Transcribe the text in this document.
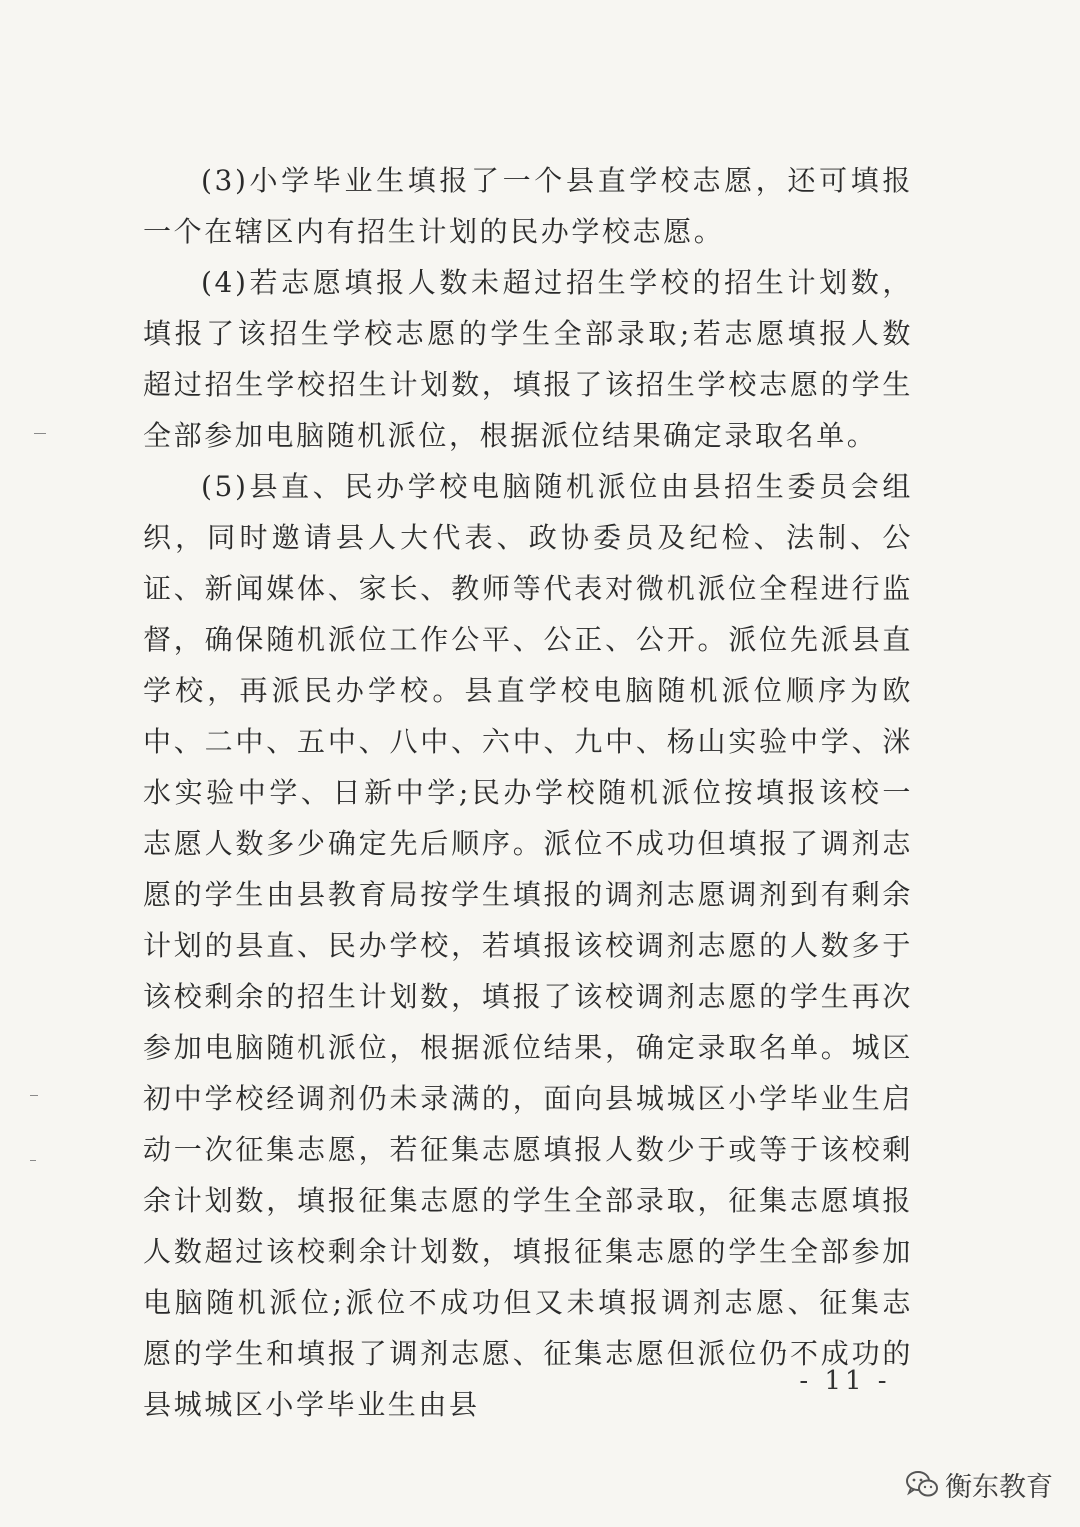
(3)小学毕业生填报了一个县直学校志愿，还可填报一个在辖区内有招生计划的民办学校志愿。

(4)若志愿填报人数未超过招生学校的招生计划数，填报了该招生学校志愿的学生全部录取;若志愿填报人数超过招生学校招生计划数，填报了该招生学校志愿的学生全部参加电脑随机派位，根据派位结果确定录取名单。

(5)县直、民办学校电脑随机派位由县招生委员会组织，同时邀请县人大代表、政协委员及纪检、法制、公证、新闻媒体、家长、教师等代表对微机派位全程进行监督，确保随机派位工作公平、公正、公开。派位先派县直学校，再派民办学校。县直学校电脑随机派位顺序为欧中、二中、五中、八中、六中、九中、杨山实验中学、洣水实验中学、日新中学;民办学校随机派位按填报该校一志愿人数多少确定先后顺序。派位不成功但填报了调剂志愿的学生由县教育局按学生填报的调剂志愿调剂到有剩余计划的县直、民办学校，若填报该校调剂志愿的人数多于该校剩余的招生计划数，填报了该校调剂志愿的学生再次参加电脑随机派位，根据派位结果，确定录取名单。城区初中学校经调剂仍未录满的，面向县城城区小学毕业生启动一次征集志愿，若征集志愿填报人数少于或等于该校剩余计划数，填报征集志愿的学生全部录取，征集志愿填报人数超过该校剩余计划数，填报征集志愿的学生全部参加电脑随机派位;派位不成功但又未填报调剂志愿、征集志愿的学生和填报了调剂志愿、征集志愿但派位仍不成功的县城城区小学毕业生由县

- 11 -
衡东教育
